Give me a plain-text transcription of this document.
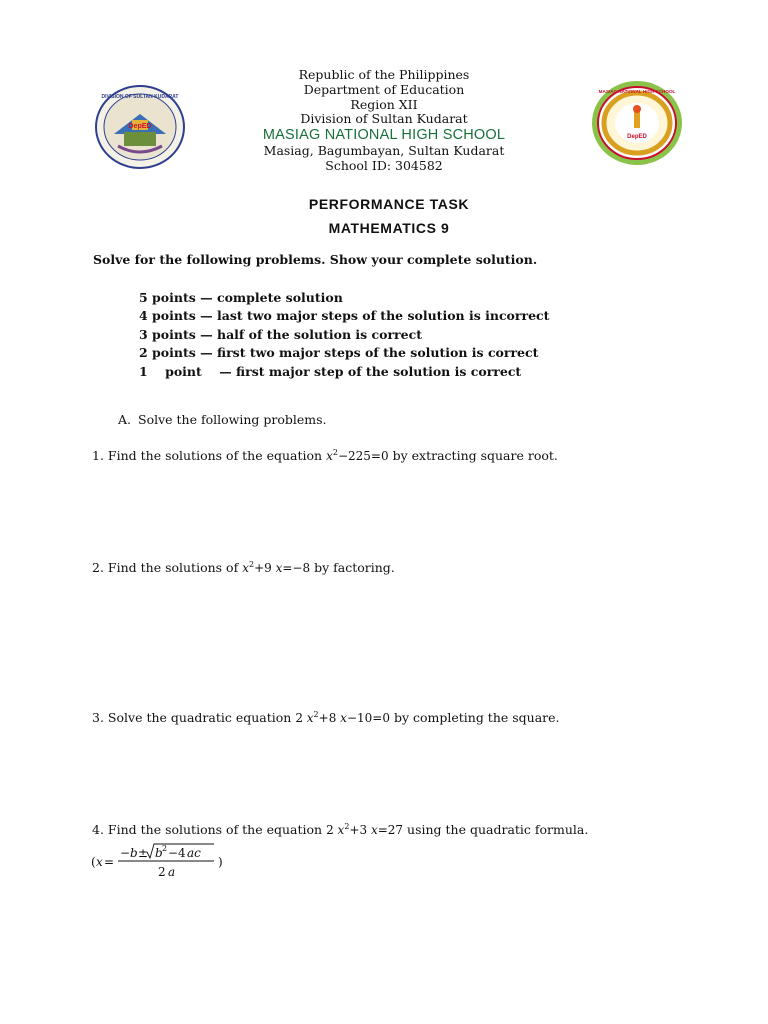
DepED
DIVISION OF SULTAN KUDARAT
DepED
MASIAG NATIONAL HIGH SCHOOL
Republic of the Philippines
Department of Education
Region XII
Division of Sultan Kudarat
MASIAG NATIONAL HIGH SCHOOL
Masiag, Bagumbayan, Sultan Kudarat
School ID: 304582
PERFORMANCE TASK
MATHEMATICS 9
Solve for the following problems. Show your complete solution.
5 points — complete solution
4 points — last two major steps of the solution is incorrect
3 points — half of the solution is correct
2 points — first two major steps of the solution is correct
1    point    — first major step of the solution is correct
A. Solve the following problems.
1. Find the solutions of the equation $x^2-225=0$ by extracting square root.
2. Find the solutions of $x^2+9$ x=−8 by factoring.
3. Solve the quadratic equation 2 $x^2+8$ x−10=0 by completing the square.
4. Find the solutions of the equation 2 $x^2+3$ x=27 using the quadratic formula.
( x =
− b ± b 2 −4 ac
2 a
)
